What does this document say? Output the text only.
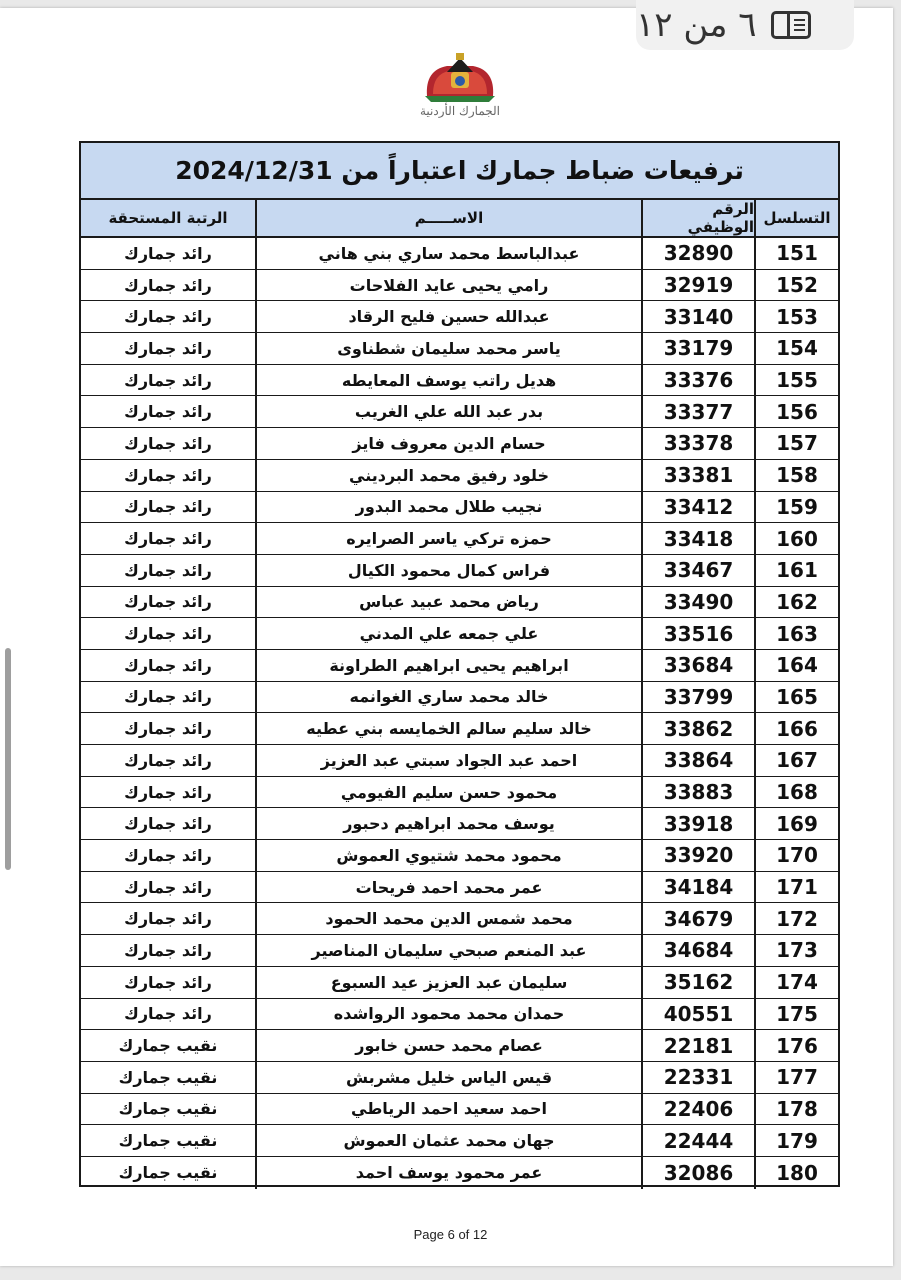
الجمارك الأردنية
ترفيعات ضباط جمارك اعتباراً من 2024/12/31
التسلسل
الرقم الوظيفي
الاســـــم
الرتبة المستحقة
151
32890
عبدالباسط محمد ساري بني هاني
رائد جمارك
152
32919
رامي يحيى عايد الفلاحات
رائد جمارك
153
33140
عبدالله حسين فليح الرقاد
رائد جمارك
154
33179
ياسر محمد سليمان شطناوى
رائد جمارك
155
33376
هديل راتب يوسف المعايطه
رائد جمارك
156
33377
بدر عبد الله علي الغريب
رائد جمارك
157
33378
حسام الدين معروف فايز
رائد جمارك
158
33381
خلود رفيق محمد البرديني
رائد جمارك
159
33412
نجيب طلال محمد البدور
رائد جمارك
160
33418
حمزه تركي ياسر الصرايره
رائد جمارك
161
33467
فراس كمال محمود الكيال
رائد جمارك
162
33490
رياض محمد عبيد عباس
رائد جمارك
163
33516
علي جمعه علي المدني
رائد جمارك
164
33684
ابراهيم يحيى ابراهيم الطراونة
رائد جمارك
165
33799
خالد محمد ساري الغوانمه
رائد جمارك
166
33862
خالد سليم سالم الخمايسه بني عطيه
رائد جمارك
167
33864
احمد عبد الجواد سبتي عبد العزيز
رائد جمارك
168
33883
محمود حسن سليم الفيومي
رائد جمارك
169
33918
يوسف محمد ابراهيم دحبور
رائد جمارك
170
33920
محمود محمد شتيوي العموش
رائد جمارك
171
34184
عمر محمد احمد فريحات
رائد جمارك
172
34679
محمد شمس الدين محمد الحمود
رائد جمارك
173
34684
عبد المنعم صبحي سليمان المناصير
رائد جمارك
174
35162
سليمان عبد العزيز عيد السبوع
رائد جمارك
175
40551
حمدان محمد محمود الرواشده
رائد جمارك
176
22181
عصام محمد حسن خابور
نقيب جمارك
177
22331
قيس الياس خليل مشربش
نقيب جمارك
178
22406
احمد سعيد احمد الرياطي
نقيب جمارك
179
22444
جهان محمد عثمان العموش
نقيب جمارك
180
32086
عمر محمود يوسف احمد
نقيب جمارك
Page 6 of 12
٦ من ١٢
